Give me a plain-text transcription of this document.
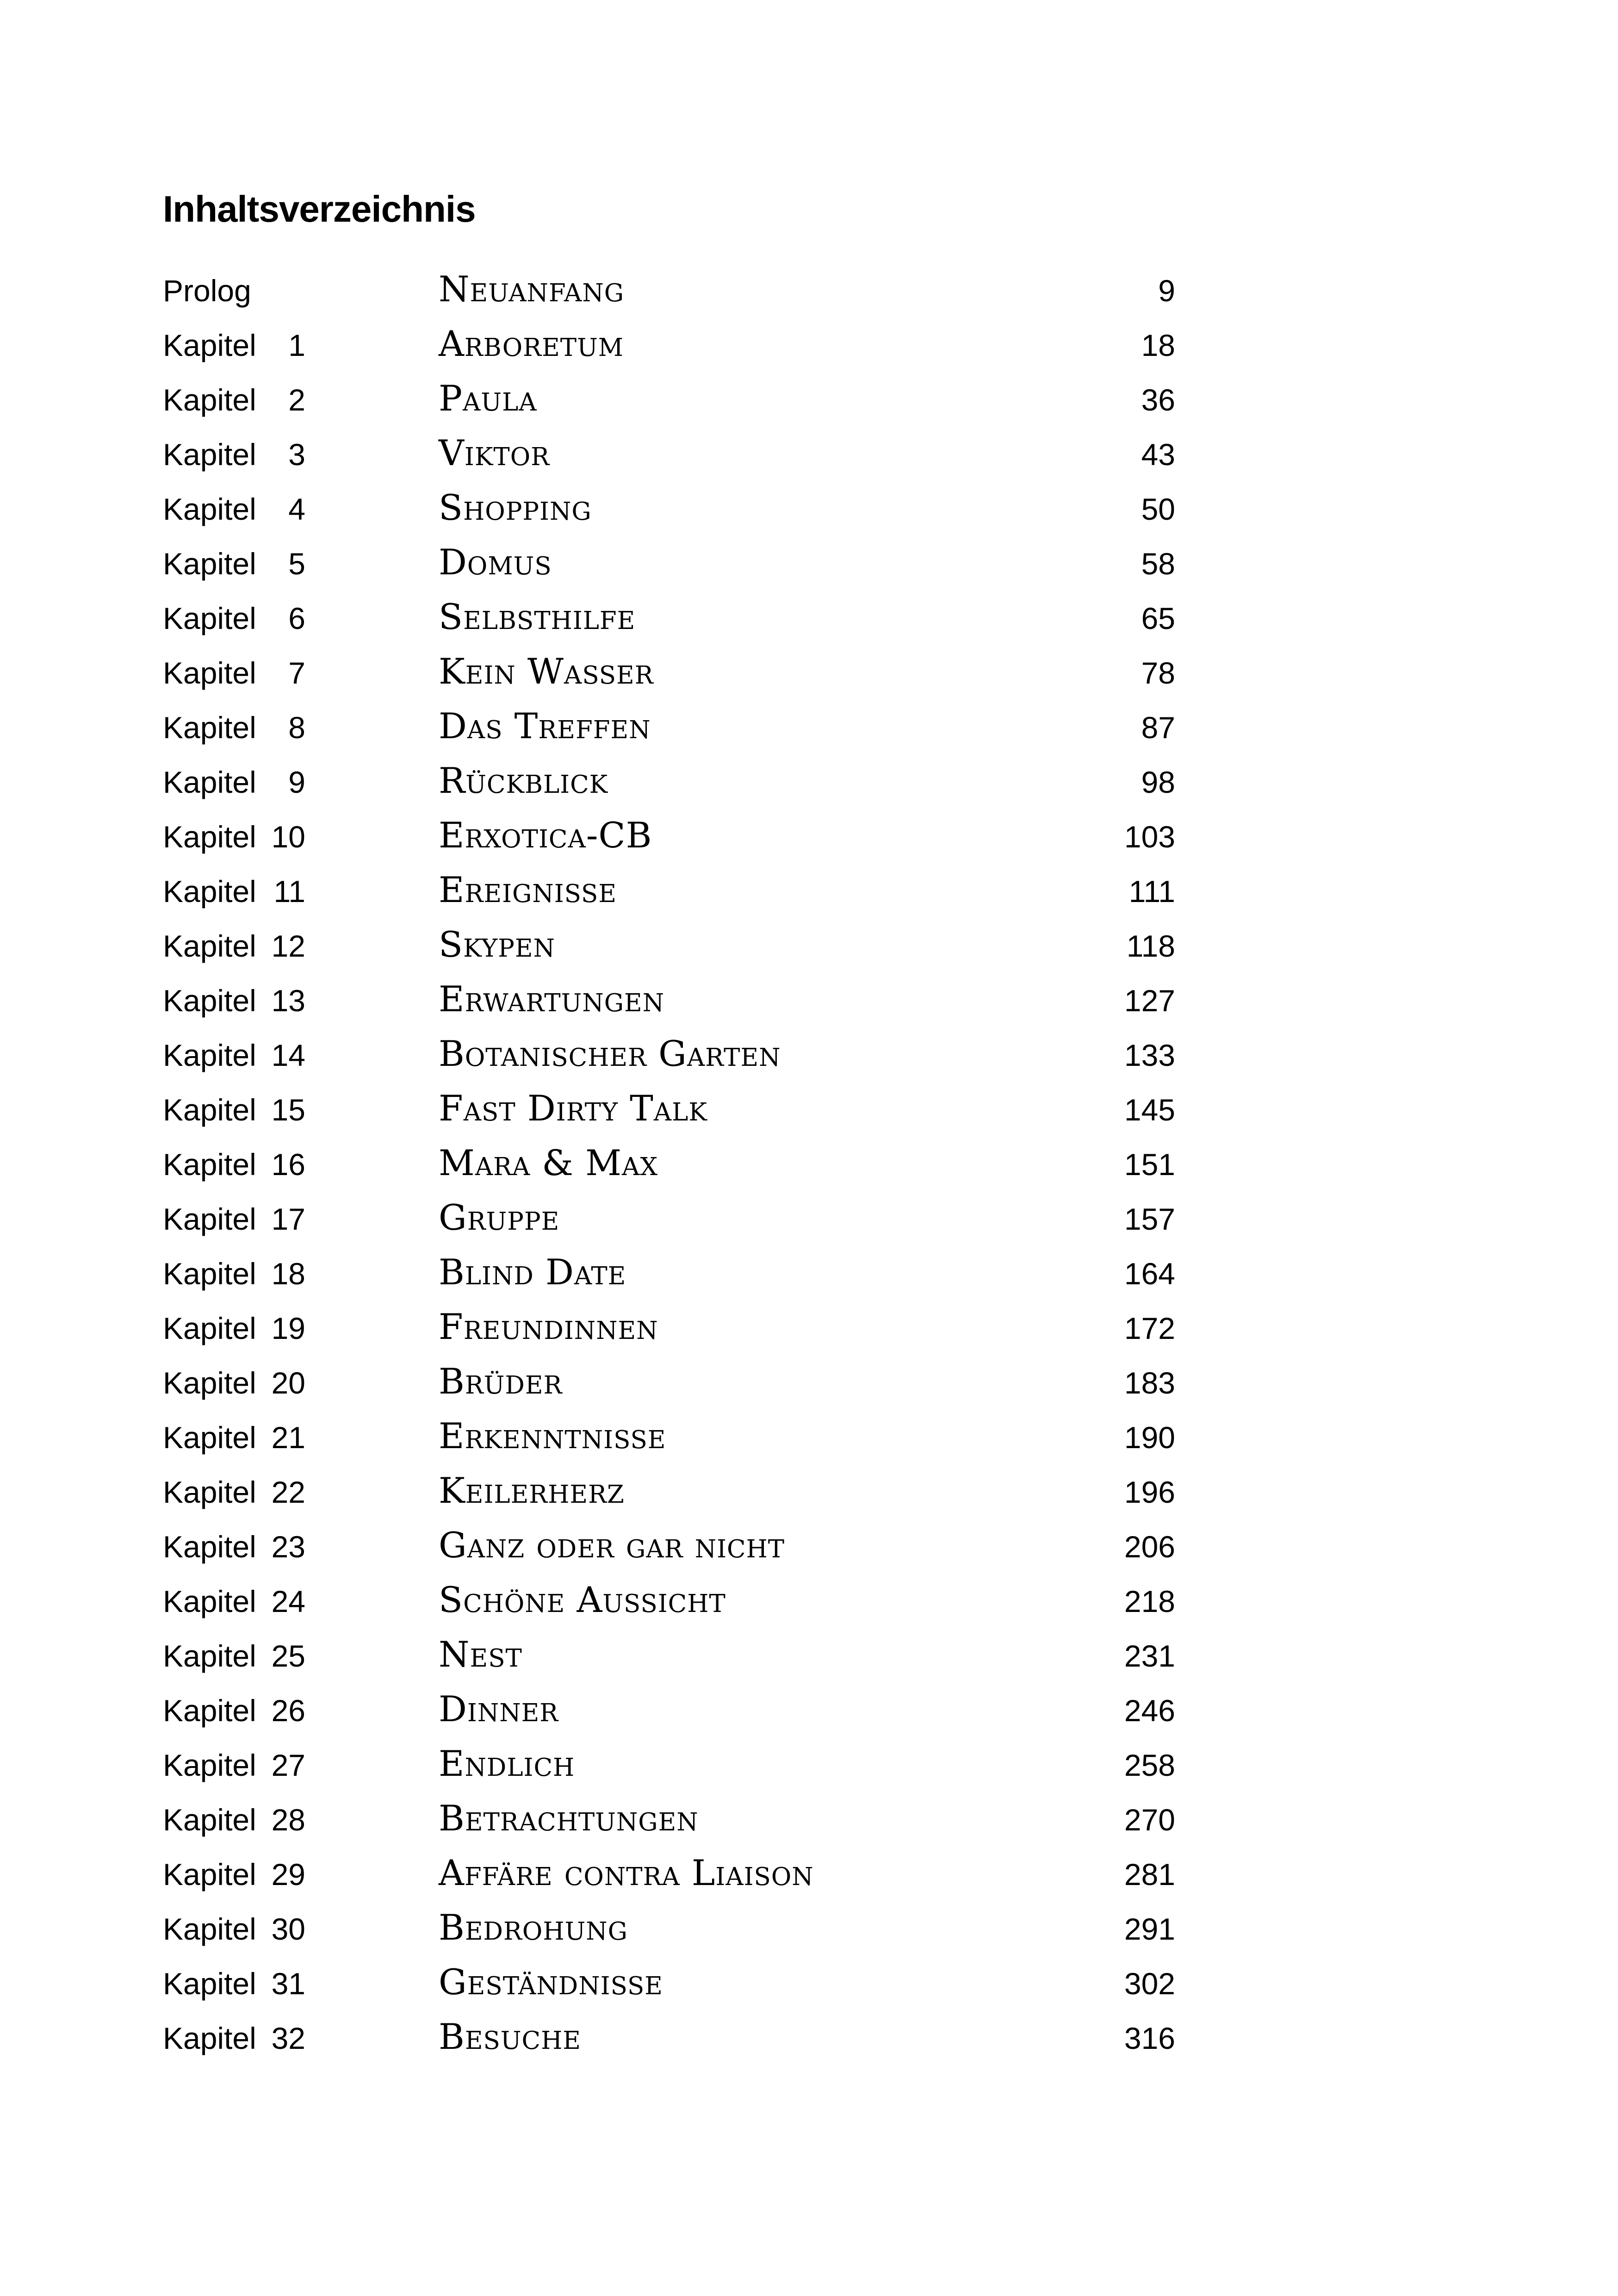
Inhaltsverzeichnis
Prolog	Neuanfang	9
Kapitel 1	Arboretum	18
Kapitel 2	Paula	36
Kapitel 3	Viktor	43
Kapitel 4	Shopping	50
Kapitel 5	Domus	58
Kapitel 6	Selbsthilfe	65
Kapitel 7	Kein Wasser	78
Kapitel 8	Das Treffen	87
Kapitel 9	Rückblick	98
Kapitel 10	Erxotica-CB	103
Kapitel 11	Ereignisse	111
Kapitel 12	Skypen	118
Kapitel 13	Erwartungen	127
Kapitel 14	Botanischer Garten	133
Kapitel 15	Fast Dirty Talk	145
Kapitel 16	Mara & Max	151
Kapitel 17	Gruppe	157
Kapitel 18	Blind Date	164
Kapitel 19	Freundinnen	172
Kapitel 20	Brüder	183
Kapitel 21	Erkenntnisse	190
Kapitel 22	Keilerherz	196
Kapitel 23	Ganz oder gar nicht	206
Kapitel 24	Schöne Aussicht	218
Kapitel 25	Nest	231
Kapitel 26	Dinner	246
Kapitel 27	Endlich	258
Kapitel 28	Betrachtungen	270
Kapitel 29	Affäre contra Liaison	281
Kapitel 30	Bedrohung	291
Kapitel 31	Geständnisse	302
Kapitel 32	Besuche	316
